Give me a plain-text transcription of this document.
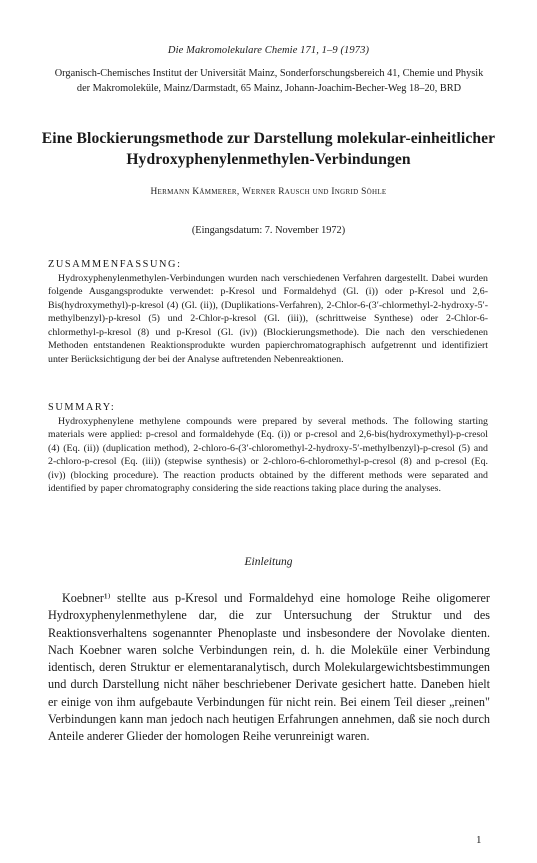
Die Makromolekulare Chemie 171, 1–9 (1973)
Organisch-Chemisches Institut der Universität Mainz, Sonderforschungsbereich 41, Chemie und Physik der Makromoleküle, Mainz/Darmstadt, 65 Mainz, Johann-Joachim-Becher-Weg 18–20, BRD
Eine Blockierungsmethode zur Darstellung molekular-einheitlicher Hydroxyphenylenmethylen-Verbindungen
Hermann Kämmerer, Werner Rausch und Ingrid Söhle
(Eingangsdatum: 7. November 1972)
ZUSAMMENFASSUNG:
Hydroxyphenylenmethylen-Verbindungen wurden nach verschiedenen Verfahren dargestellt. Dabei wurden folgende Ausgangsprodukte verwendet: p-Kresol und Formaldehyd (Gl. (i)) oder p-Kresol und 2,6-Bis(hydroxymethyl)-p-kresol (4) (Gl. (ii)), (Duplikations-Verfahren), 2-Chlor-6-(3′-chlormethyl-2-hydroxy-5′-methylbenzyl)-p-kresol (5) und 2-Chlor-p-kresol (Gl. (iii)), (schrittweise Synthese) oder 2-Chlor-6-chlormethyl-p-kresol (8) und p-Kresol (Gl. (iv)) (Blockierungsmethode). Die nach den verschiedenen Methoden entstandenen Reaktionsprodukte wurden papierchromatographisch aufgetrennt und identifiziert unter Berücksichtigung der bei der Analyse auftretenden Nebenreaktionen.
SUMMARY:
Hydroxyphenylene methylene compounds were prepared by several methods. The following starting materials were applied: p-cresol and formaldehyde (Eq. (i)) or p-cresol and 2,6-bis(hydroxymethyl)-p-cresol (4) (Eq. (ii)) (duplication method), 2-chloro-6-(3′-chloromethyl-2-hydroxy-5′-methylbenzyl)-p-cresol (5) and 2-chloro-p-cresol (Eq. (iii)) (stepwise synthesis) or 2-chloro-6-chloromethyl-p-cresol (8) and p-cresol (Eq. (iv)) (blocking procedure). The reaction products obtained by the different methods were separated and identified by paper chromatography considering the side reactions taking place during the analyses.
Einleitung
Koebner¹⁾ stellte aus p-Kresol und Formaldehyd eine homologe Reihe oligomerer Hydroxyphenylenmethylene dar, die zur Untersuchung der Struktur und des Reaktionsverhaltens sogenannter Phenoplaste und insbesondere der Novolake dienten. Nach Koebner waren solche Verbindungen rein, d. h. die Moleküle einer Verbindung identisch, deren Struktur er elementaranalytisch, durch Molekulargewichtsbestimmungen und durch Darstellung nicht näher beschriebener Derivate gesichert hatte. Daneben hielt er einige von ihm aufgebaute Verbindungen für nicht rein. Bei einem Teil dieser „reinen" Verbindungen kann man jedoch nach heutigen Erfahrungen annehmen, daß sie noch durch Anteile anderer Glieder der homologen Reihe verunreinigt waren.
1
